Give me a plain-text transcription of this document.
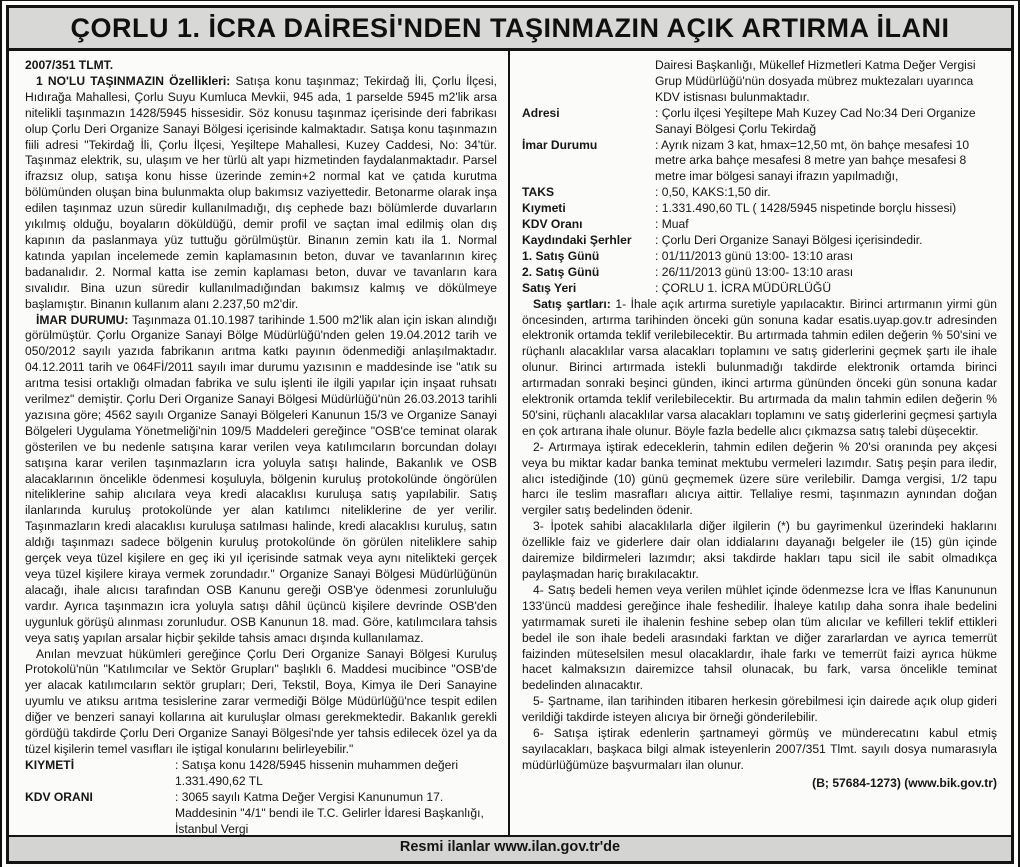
ÇORLU 1. İCRA DAİRESİ'NDEN TAŞINMAZIN AÇIK ARTIRMA İLANI

2007/351 TLMT.

1 NO'LU TAŞINMAZIN Özellikleri: Satışa konu taşınmaz; Tekirdağ İli, Çorlu İlçesi, Hıdırağa Mahallesi, Çorlu Suyu Kumluca Mevkii, 945 ada, 1 parselde 5945 m2'lik arsa nitelikli taşınmazın 1428/5945 hissesidir. Söz konusu taşınmaz içerisinde deri fabrikası olup Çorlu Deri Organize Sanayi Bölgesi içerisinde kalmaktadır. Satışa konu taşınmazın fiili adresi "Tekirdağ İli, Çorlu İlçesi, Yeşiltepe Mahallesi, Kuzey Caddesi, No: 34'tür. Taşınmaz elektrik, su, ulaşım ve her türlü alt yapı hizmetinden faydalanmaktadır. Parsel ifrazsız olup, satışa konu hisse üzerinde zemin+2 normal kat ve çatıda kurutma bölümünden oluşan bina bulunmakta olup bakımsız vaziyettedir. Betonarme olarak inşa edilen taşınmaz uzun süredir kullanılmadığı, dış cephede bazı bölümlerde duvarların yıkılmış olduğu, boyaların döküldüğü, demir profil ve saçtan imal edilmiş olan dış kapının da paslanmaya yüz tuttuğu görülmüştür. Binanın zemin katı ila 1. Normal katında yapılan incelemede zemin kaplamasının beton, duvar ve tavanlarının kireç badanalıdır. 2. Normal katta ise zemin kaplaması beton, duvar ve tavanların kara sıvalıdır. Bina uzun süredir kullanılmadığından bakımsız kalmış ve dökülmeye başlamıştır. Binanın kullanım alanı 2.237,50 m2'dir.

İMAR DURUMU: Taşınmaza 01.10.1987 tarihinde 1.500 m2'lik alan için iskan alındığı görülmüştür. Çorlu Organize Sanayi Bölge Müdürlüğü'nden gelen 19.04.2012 tarih ve 050/2012 sayılı yazıda fabrikanın arıtma katkı payının ödenmediği anlaşılmaktadır. 04.12.2011 tarih ve 064Fİ/2011 sayılı imar durumu yazısının e maddesinde ise "atık su arıtma tesisi ortaklığı olmadan fabrika ve sulu işlenti ile ilgili yapılar için inşaat ruhsatı verilmez" demiştir. Çorlu Deri Organize Sanayi Bölgesi Müdürlüğü'nün 26.03.2013 tarihli yazısına göre; 4562 sayılı Organize Sanayi Bölgeleri Kanunun 15/3 ve Organize Sanayi Bölgeleri Uygulama Yönetmeliği'nin 109/5 Maddeleri gereğince "OSB'ce teminat olarak gösterilen ve bu nedenle satışına karar verilen veya katılımcıların borcundan dolayı satışına karar verilen taşınmazların icra yoluyla satışı halinde, Bakanlık ve OSB alacaklarının öncelikle ödenmesi koşuluyla, bölgenin kuruluş protokolünde öngörülen niteliklerine sahip alıcılara veya kredi alacaklısı kuruluşa satış yapılabilir. Satış ilanlarında kuruluş protokolünde yer alan katılımcı niteliklerine de yer verilir. Taşınmazların kredi alacaklısı kuruluşa satılması halinde, kredi alacaklısı kuruluş, satın aldığı taşınmazı sadece bölgenin kuruluş protokolünde ön görülen niteliklere sahip gerçek veya tüzel kişilere en geç iki yıl içerisinde satmak veya aynı nitelikteki gerçek veya tüzel kişilere kiraya vermek zorundadır." Organize Sanayi Bölgesi Müdürlüğünün alacağı, ihale alıcısı tarafından OSB Kanunu gereği OSB'ye ödenmesi zorunluluğu vardır. Ayrıca taşınmazın icra yoluyla satışı dâhil üçüncü kişilere devrinde OSB'den uygunluk görüşü alınması zorunludur. OSB Kanunun 18. mad. Göre, katılımcılara tahsis veya satış yapılan arsalar hiçbir şekilde tahsis amacı dışında kullanılamaz.

Anılan mevzuat hükümleri gereğince Çorlu Deri Organize Sanayi Bölgesi Kuruluş Protokolü'nün "Katılımcılar ve Sektör Grupları" başlıklı 6. Maddesi mucibince "OSB'de yer alacak katılımcıların sektör grupları; Deri, Tekstil, Boya, Kimya ile Deri Sanayine uyumlu ve atıksu arıtma tesislerine zarar vermediği Bölge Müdürlüğü'nce tespit edilen diğer ve benzeri sanayi kollarına ait kuruluşlar olması gerekmektedir. Bakanlık gerekli gördüğü takdirde Çorlu Deri Organize Sanayi Bölgesi'nde yer tahsis edilecek özel ya da tüzel kişilerin temel vasıfları ile iştigal konularını belirleyebilir."

KIYMETİ	: Satışa konu 1428/5945 hissenin muhammen değeri 1.331.490,62 TL
KDV ORANI	: 3065 sayılı Katma Değer Vergisi Kanunumun 17. Maddesinin "4/1" bendi ile T.C. Gelirler İdaresi Başkanlığı, İstanbul Vergi

Dairesi Başkanlığı, Mükellef Hizmetleri Katma Değer Vergisi Grup Müdürlüğü'nün dosyada mübrez muktezaları uyarınca KDV istisnası bulunmaktadır.

Adresi	: Çorlu ilçesi Yeşiltepe Mah Kuzey Cad No:34 Deri Organize Sanayi Bölgesi Çorlu Tekirdağ
İmar Durumu	: Ayrık nizam 3 kat, hmax=12,50 mt, ön bahçe mesafesi 10 metre arka bahçe mesafesi 8 metre yan bahçe mesafesi 8 metre imar bölgesi sanayi ifrazın yapılmadığı,
TAKS	: 0,50, KAKS:1,50 dir.
Kıymeti	: 1.331.490,60 TL ( 1428/5945 nispetinde borçlu hissesi)
KDV Oranı	: Muaf
Kaydındaki Şerhler	: Çorlu Deri Organize Sanayi Bölgesi içerisindedir.
1. Satış Günü	: 01/11/2013 günü 13:00- 13:10 arası
2. Satış Günü	: 26/11/2013 günü 13:00- 13:10 arası
Satış Yeri	: ÇORLU 1. İCRA MÜDÜRLÜĞÜ

Satış şartları: 1- İhale açık artırma suretiyle yapılacaktır. Birinci artırmanın yirmi gün öncesinden, artırma tarihinden önceki gün sonuna kadar esatis.uyap.gov.tr adresinden elektronik ortamda teklif verilebilecektir. Bu artırmada tahmin edilen değerin % 50'sini ve rüçhanlı alacaklılar varsa alacakları toplamını ve satış giderlerini geçmek şartı ile ihale olunur. Birinci artırmada istekli bulunmadığı takdirde elektronik ortamda birinci artırmadan sonraki beşinci günden, ikinci artırma gününden önceki gün sonuna kadar elektronik ortamda teklif verilebilecektir. Bu artırmada da malın tahmin edilen değerin % 50'sini, rüçhanlı alacaklılar varsa alacakları toplamını ve satış giderlerini geçmesi şartıyla en çok artırana ihale olunur. Böyle fazla bedelle alıcı çıkmazsa satış talebi düşecektir.

2- Artırmaya iştirak edeceklerin, tahmin edilen değerin % 20'si oranında pey akçesi veya bu miktar kadar banka teminat mektubu vermeleri lazımdır. Satış peşin para iledir, alıcı istediğinde (10) günü geçmemek üzere süre verilebilir. Damga vergisi, 1/2 tapu harcı ile teslim masrafları alıcıya aittir. Tellaliye resmi, taşınmazın aynından doğan vergiler satış bedelinden ödenir.

3- İpotek sahibi alacaklılarla diğer ilgilerin (*) bu gayrimenkul üzerindeki haklarını özellikle faiz ve giderlere dair olan iddialarını dayanağı belgeler ile (15) gün içinde dairemize bildirmeleri lazımdır; aksi takdirde hakları tapu sicil ile sabit olmadıkça paylaşmadan hariç bırakılacaktır.

4- Satış bedeli hemen veya verilen mühlet içinde ödenmezse İcra ve İflas Kanununun 133'üncü maddesi gereğince ihale feshedilir. İhaleye katılıp daha sonra ihale bedelini yatırmamak sureti ile ihalenin feshine sebep olan tüm alıcılar ve kefilleri teklif ettikleri bedel ile son ihale bedeli arasındaki farktan ve diğer zararlardan ve ayrıca temerrüt faizinden müteselsilen mesul olacaklardır, ihale farkı ve temerrüt faizi ayrıca hükme hacet kalmaksızın dairemizce tahsil olunacak, bu fark, varsa öncelikle teminat bedelinden alınacaktır.

5- Şartname, ilan tarihinden itibaren herkesin görebilmesi için dairede açık olup gideri verildiği takdirde isteyen alıcıya bir örneği gönderilebilir.

6- Satışa iştirak edenlerin şartnameyi görmüş ve münderecatını kabul etmiş sayılacakları, başkaca bilgi almak isteyenlerin 2007/351 Tlmt. sayılı dosya numarasıyla müdürlüğümüze başvurmaları ilan olunur.

(B; 57684-1273) (www.bik.gov.tr)

Resmi ilanlar www.ilan.gov.tr'de
